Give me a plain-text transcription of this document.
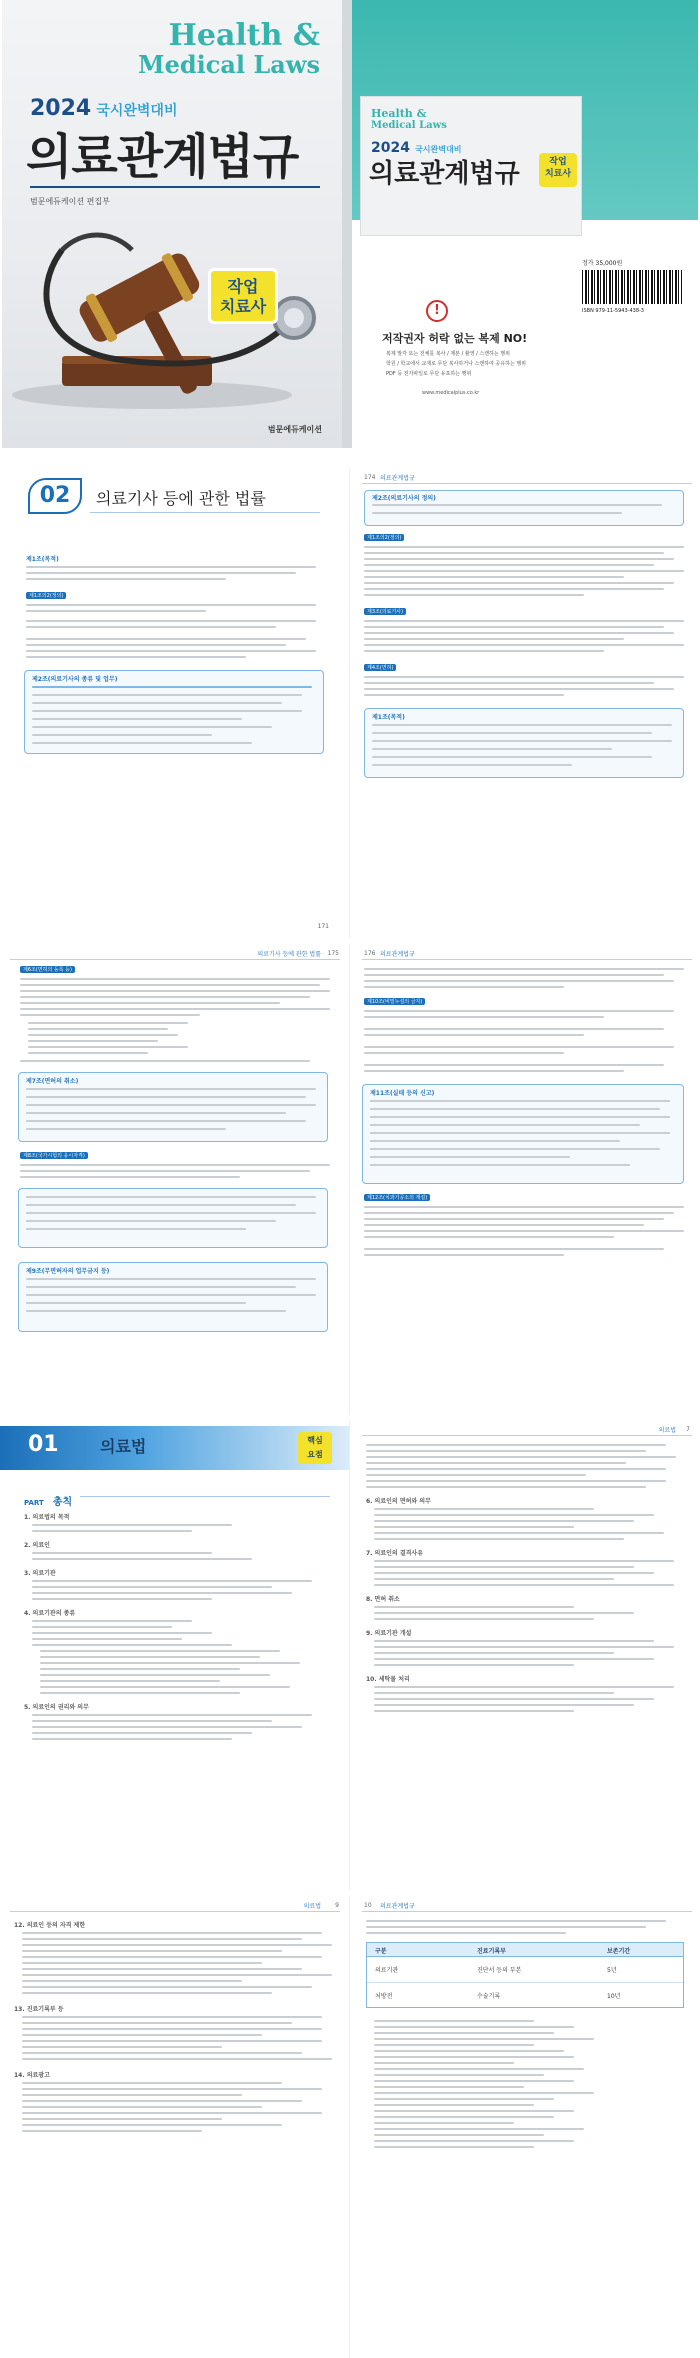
Health &
Medical Laws
2024 국시완벽대비
의료관계법규
범문에듀케이션 편집부
작업
치료사
범문에듀케이션
Health &
Medical Laws
2024 국시완벽대비
의료관계법규	작업
치료사
!
저작권자 허락 없는 복제 NO!
복제 발각 또는 전체를 복사 / 제본 / 촬영 / 스캔하는 행위
학원 / 학교에서 교재로 무단 복사하거나 스캔하여 공유하는 행위
PDF 등 전자파일로 무단 유포하는 행위
www.medicalplus.co.kr
정가 35,000원
ISBN 979-11-5943-438-3
02	의료기사 등에 관한 법률
제1조(목적)
제1조의2(정의)
제2조(의료기사의 종류 및 업무)
171
174 의료관계법규
제2조(의료기사의 정의)
제1조의2(정의)
제3조(의료기사)
제4조(면허)
제1조(목적)
의료기사 등에 관한 법률 175
제6조(면허의 등록 등)
제7조(면허의 취소)
제8조(국가시험의 응시자격)
제9조(무면허자의 업무금지 등)
176 의료관계법규
제10조(비밀누설의 금지)
제11조(실태 등의 신고)
제12조(치과기공소의 개설)
01	의료법	핵심
요점
PART 총칙
1. 의료법의 목적
2. 의료인
3. 의료기관
4. 의료기관의 종류
5. 의료인의 권리와 의무
의료법 7
6. 의료인의 면허와 의무
7. 의료인의 결격사유
8. 면허 취소
9. 의료기관 개설
10. 세탁물 처리
의료법 9
12. 의료인 등의 자격 제한
13. 진료기록부 등
14. 의료광고
10 의료관계법규
구분	진료기록부	보존기간
의료기관	진단서 등의 부본	5년
처방전	수술기록	10년
